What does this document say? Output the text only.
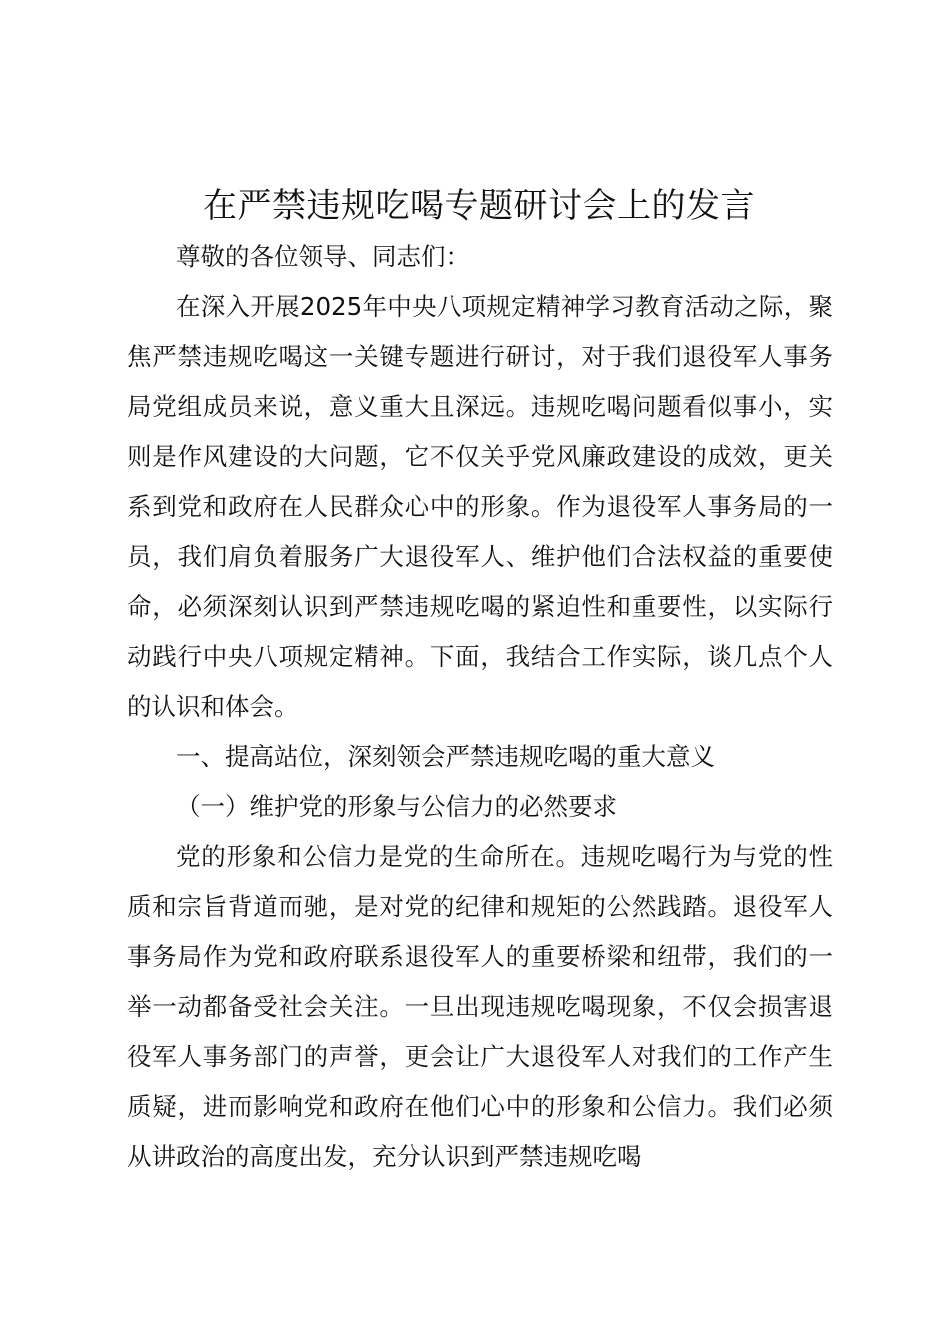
在严禁违规吃喝专题研讨会上的发言

尊敬的各位领导、同志们：

在深入开展2025年中央八项规定精神学习教育活动之际，聚焦严禁违规吃喝这一关键专题进行研讨，对于我们退役军人事务局党组成员来说，意义重大且深远。违规吃喝问题看似事小，实则是作风建设的大问题，它不仅关乎党风廉政建设的成效，更关系到党和政府在人民群众心中的形象。作为退役军人事务局的一员，我们肩负着服务广大退役军人、维护他们合法权益的重要使命，必须深刻认识到严禁违规吃喝的紧迫性和重要性，以实际行动践行中央八项规定精神。下面，我结合工作实际，谈几点个人的认识和体会。

一、提高站位，深刻领会严禁违规吃喝的重大意义

（一）维护党的形象与公信力的必然要求

党的形象和公信力是党的生命所在。违规吃喝行为与党的性质和宗旨背道而驰，是对党的纪律和规矩的公然践踏。退役军人事务局作为党和政府联系退役军人的重要桥梁和纽带，我们的一举一动都备受社会关注。一旦出现违规吃喝现象，不仅会损害退役军人事务部门的声誉，更会让广大退役军人对我们的工作产生质疑，进而影响党和政府在他们心中的形象和公信力。我们必须从讲政治的高度出发，充分认识到严禁违规吃喝
